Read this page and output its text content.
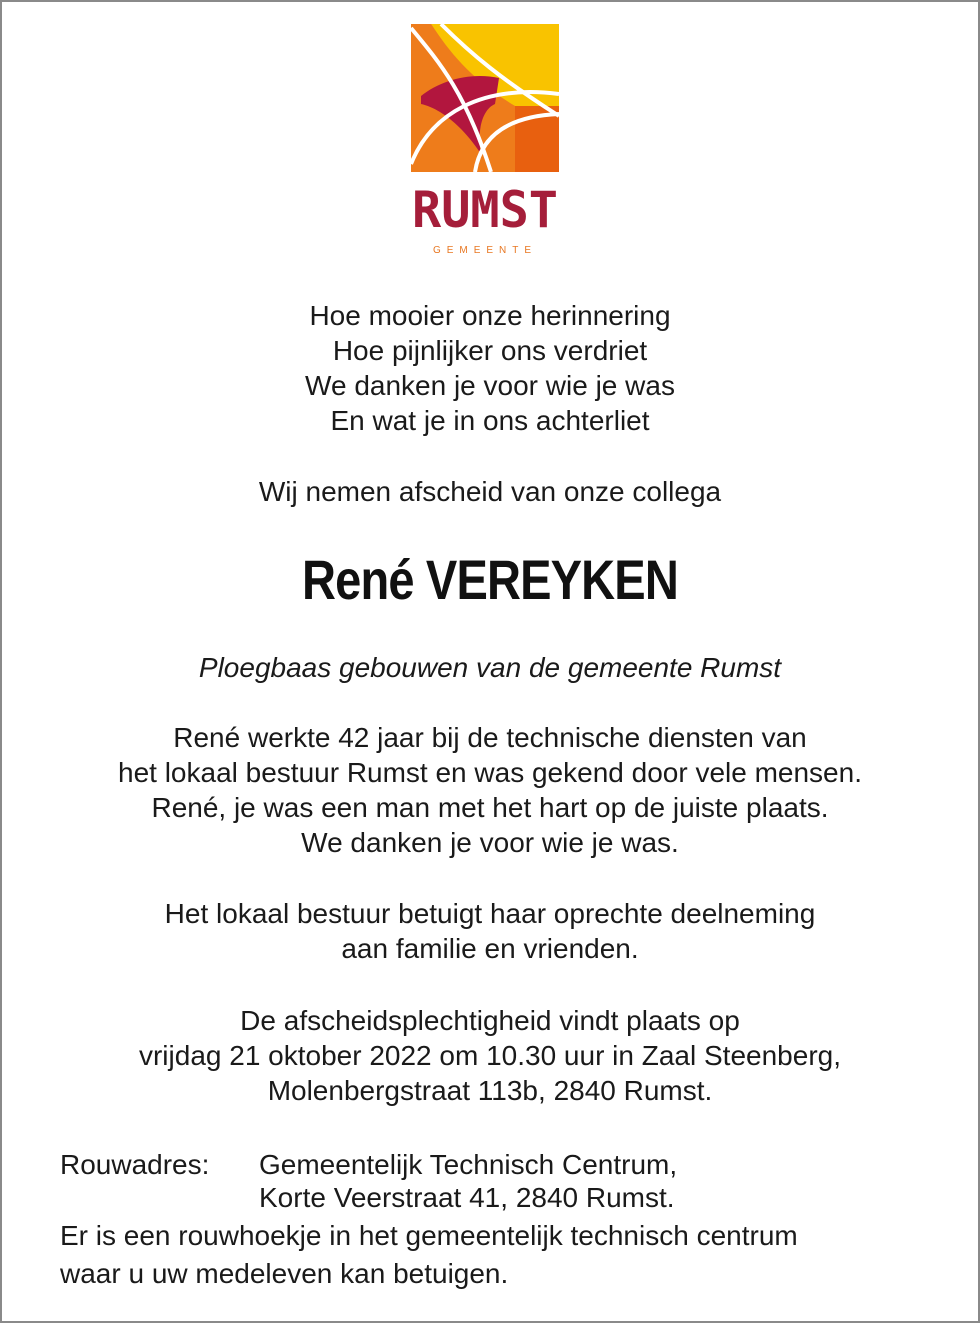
RUMST
GEMEENTE
Hoe mooier onze herinnering
Hoe pijnlijker ons verdriet
We danken je voor wie je was
En wat je in ons achterliet
Wij nemen afscheid van onze collega
René VEREYKEN
Ploegbaas gebouwen van de gemeente Rumst
René werkte 42 jaar bij de technische diensten van
het lokaal bestuur Rumst en was gekend door vele mensen.
René, je was een man met het hart op de juiste plaats.
We danken je voor wie je was.
Het lokaal bestuur betuigt haar oprechte deelneming
aan familie en vrienden.
De afscheidsplechtigheid vindt plaats op
vrijdag 21 oktober 2022 om 10.30 uur in Zaal Steenberg,
Molenbergstraat 113b, 2840 Rumst.
Rouwadres:	Gemeentelijk Technisch Centrum,
Korte Veerstraat 41, 2840 Rumst.
Er is een rouwhoekje in het gemeentelijk technisch centrum
waar u uw medeleven kan betuigen.
